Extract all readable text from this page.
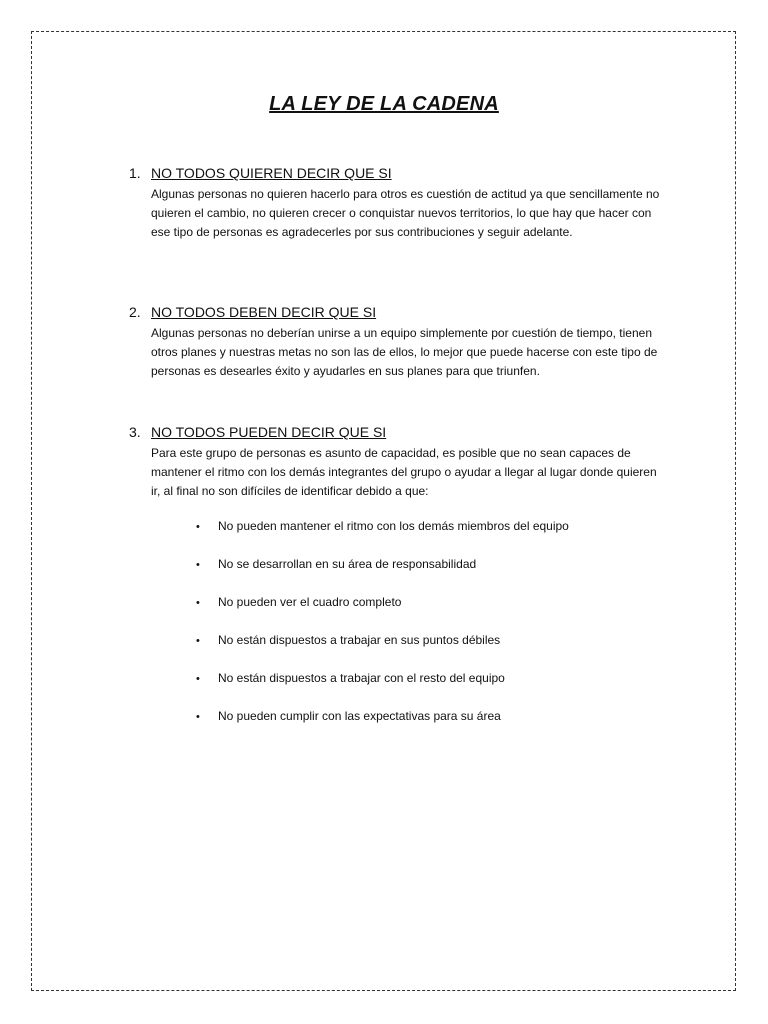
LA LEY DE LA CADENA
1. NO TODOS QUIEREN DECIR QUE SI

Algunas personas no quieren hacerlo para otros es cuestión de actitud ya que sencillamente no quieren el cambio, no quieren crecer o conquistar nuevos territorios, lo que hay que hacer con ese tipo de personas es agradecerles por sus contribuciones y seguir adelante.

2. NO TODOS DEBEN DECIR QUE SI

Algunas personas no deberían unirse a un equipo simplemente por cuestión de tiempo, tienen otros planes y nuestras metas no son las de ellos, lo mejor que puede hacerse con este tipo de personas es desearles éxito y ayudarles en sus planes para que triunfen.

3. NO TODOS PUEDEN DECIR QUE SI

Para este grupo de personas es asunto de capacidad, es posible que no sean capaces de mantener el ritmo con los demás integrantes del grupo o ayudar a llegar al lugar donde quieren ir, al final no son difíciles de identificar debido a que:

•	No pueden mantener el ritmo con los demás miembros del equipo
•	No se desarrollan en su área de responsabilidad
•	No pueden ver el cuadro completo
•	No están dispuestos a trabajar en sus puntos débiles
•	No están dispuestos a trabajar con el resto del equipo
•	No pueden cumplir con las expectativas para su área
